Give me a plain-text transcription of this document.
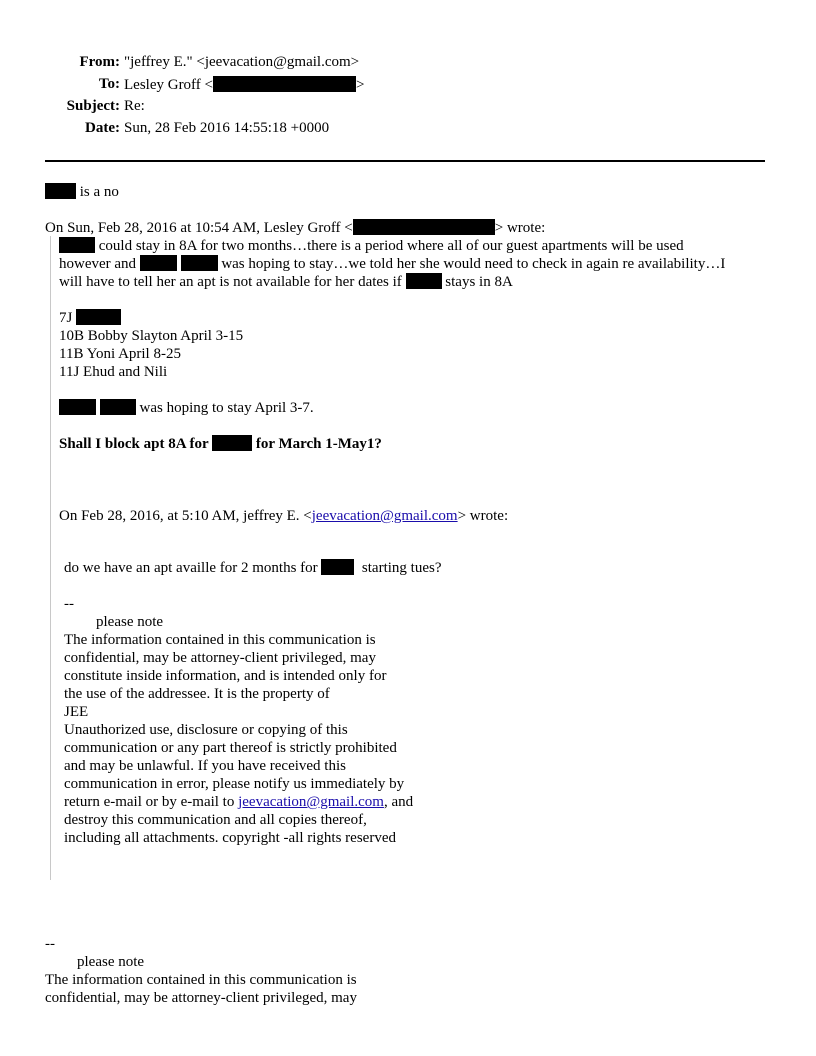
From: "jeffrey E." <jeevacation@gmail.com>
To: Lesley Groff <	>
Subject: Re:
Date: Sun, 28 Feb 2016 14:55:18 +0000
is a no
On Sun, Feb 28, 2016 at 10:54 AM, Lesley Groff <	> wrote:
could stay in 8A for two months…there is a period where all of our guest apartments will be used
however and	was hoping to stay…we told her she would need to check in again re availability…I
will have to tell her an apt is not available for her dates if	stays in 8A
7J
10B Bobby Slayton April 3-15
11B Yoni April 8-25
11J Ehud and Nili
was hoping to stay April 3-7.
Shall I block apt 8A for	for March 1-May1?
On Feb 28, 2016, at 5:10 AM, jeffrey E. <jeevacation@gmail.com> wrote:
do we have an apt availle for 2 months for	starting tues?
--
please note
The information contained in this communication is
confidential, may be attorney-client privileged, may
constitute inside information, and is intended only for
the use of the addressee. It is the property of
JEE
Unauthorized use, disclosure or copying of this
communication or any part thereof is strictly prohibited
and may be unlawful. If you have received this
communication in error, please notify us immediately by
return e-mail or by e-mail to jeevacation@gmail.com, and
destroy this communication and all copies thereof,
including all attachments. copyright -all rights reserved
--
please note
The information contained in this communication is
confidential, may be attorney-client privileged, may
